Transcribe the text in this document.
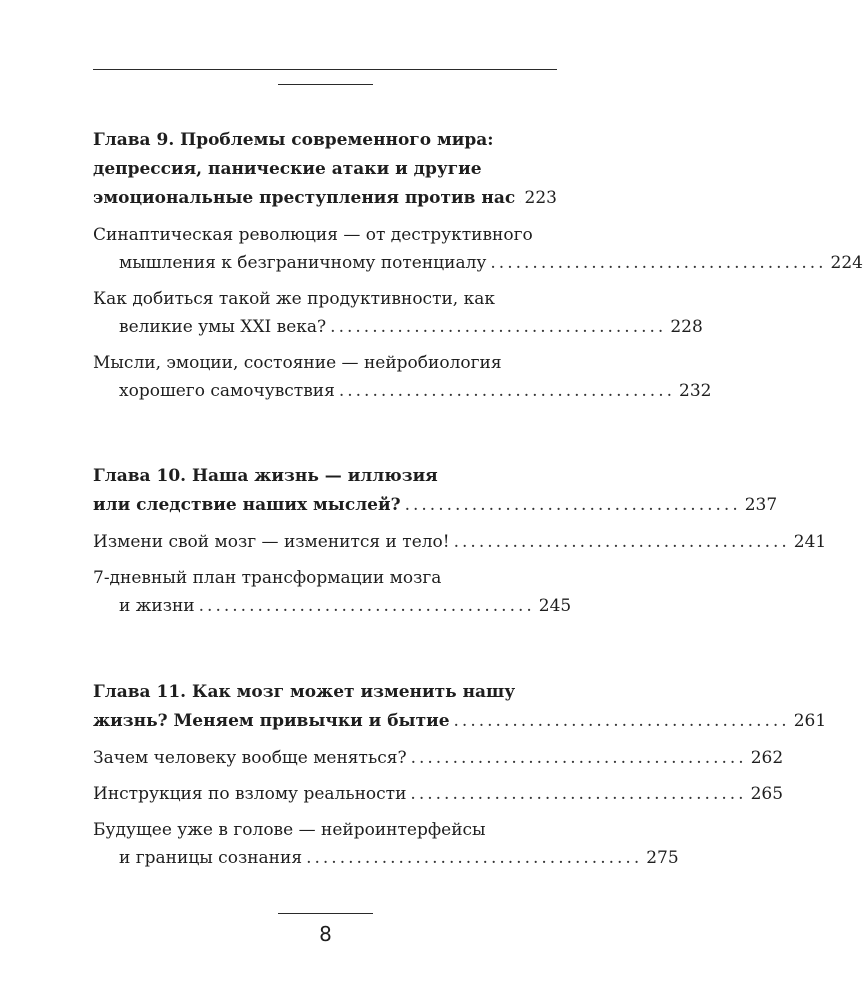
Глава 9. Проблемы современного мира:
депрессия, панические атаки и другие
эмоциональные преступления против нас 223
Синаптическая революция — от деструктивного
мышления к безграничному потенциалу ........................................ 224
Как добиться такой же продуктивности, как
великие умы XXI века? ........................................ 228
Мысли, эмоции, состояние — нейробиология
хорошего самочувствия ........................................ 232
Глава 10. Наша жизнь — иллюзия
или следствие наших мыслей? ........................................ 237
Измени свой мозг — изменится и тело! ........................................ 241
7-дневный план трансформации мозга
и жизни ........................................ 245
Глава 11. Как мозг может изменить нашу
жизнь? Меняем привычки и бытие ........................................ 261
Зачем человеку вообще меняться? ........................................ 262
Инструкция по взлому реальности ........................................ 265
Будущее уже в голове — нейроинтерфейсы
и границы сознания ........................................ 275
8
